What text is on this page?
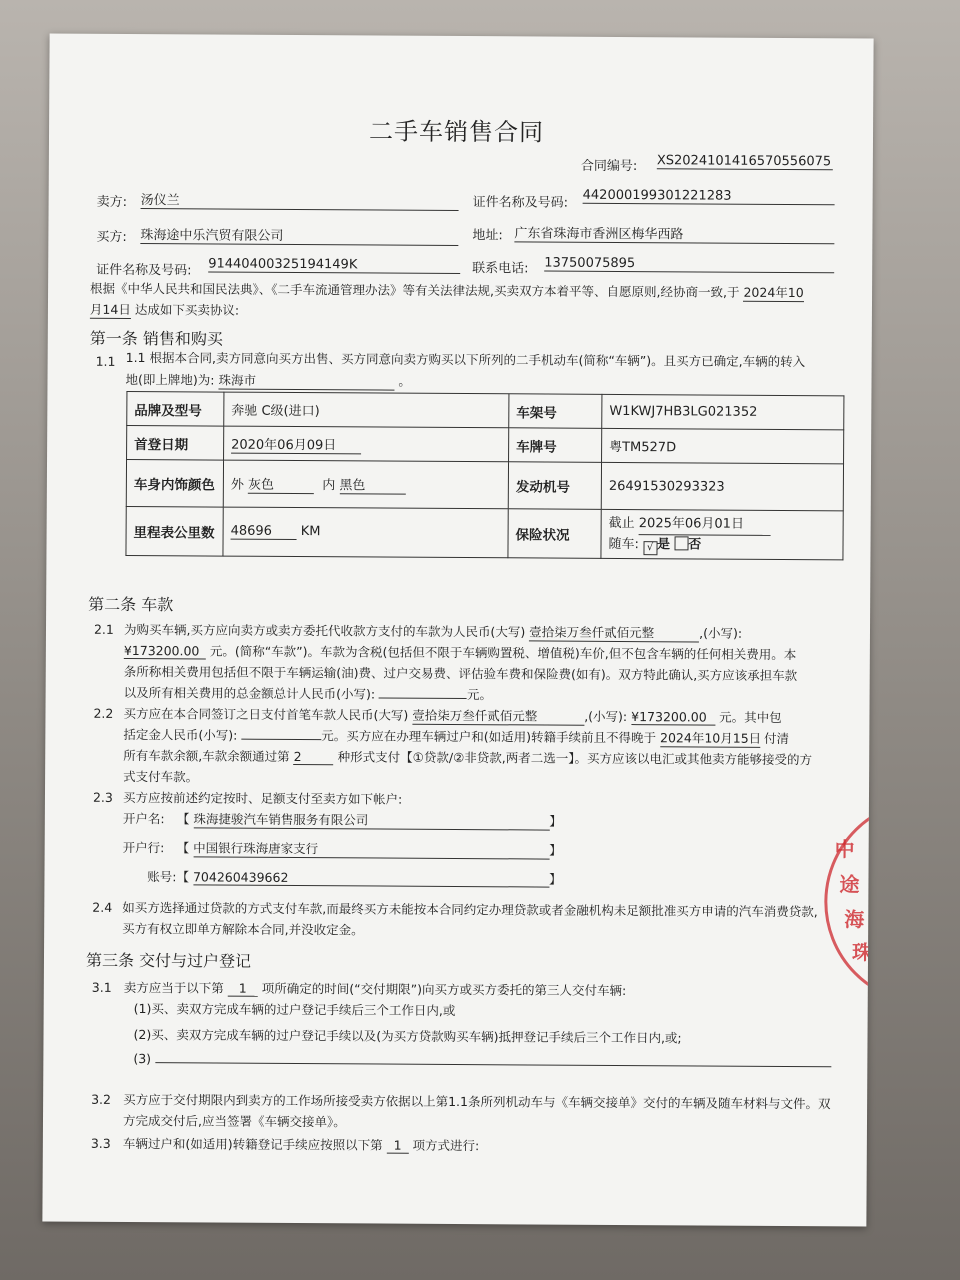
二手车销售合同
合同编号: XS2024101416570556075
卖方: 汤仪兰	证件名称及号码: 442000199301221283
买方: 珠海途中乐汽贸有限公司	地址: 广东省珠海市香洲区梅华西路
证件名称及号码: 91440400325194149K	联系电话: 13750075895
根据《中华人民共和国民法典》、《二手车流通管理办法》等有关法律法规,买卖双方本着平等、自愿原则,经协商一致,于 2024年10
月14日 达成如下买卖协议:
第一条 销售和购买
1.1 1.1 根据本合同,卖方同意向买方出售、买方同意向卖方购买以下所列的二手机动车(简称“车辆”)。且买方已确定,车辆的转入
地(即上牌地)为: 珠海市	。
品牌及型号	奔驰 C级(进口)	车架号	W1KWJ7HB3LG021352
首登日期	2020年06月09日	车牌号	粤TM527D
车身内饰颜色	外 灰色 内 黑色	发动机号	26491530293323
里程表公里数	48696 KM	保险状况	截止 2025年06月01日
随车: √ 是 否
第二条 车款
2.1 为购买车辆,买方应向卖方或卖方委托代收款方支付的车款为人民币(大写) 壹拾柒万叁仟贰佰元整	,(小写):
¥173200.00 元。(简称“车款”)。车款为含税(包括但不限于车辆购置税、增值税)车价,但不包含车辆的任何相关费用。本
条所称相关费用包括但不限于车辆运输(油)费、过户交易费、评估验车费和保险费(如有)。双方特此确认,买方应该承担车款
以及所有相关费用的总金额总计人民币(小写):	元。
2.2 买方应在本合同签订之日支付首笔车款人民币(大写) 壹拾柒万叁仟贰佰元整	,(小写): ¥173200.00 元。其中包
括定金人民币(小写):	元。买方应在办理车辆过户和(如适用)转籍手续前且不得晚于 2024年10月15日 付清
所有车款余额,车款余额通过第 2	种形式支付【①贷款/②非贷款,两者二选一】。买方应该以电汇或其他卖方能够接受的方
式支付车款。
2.3 买方应按前述约定按时、足额支付至卖方如下帐户:
开户名: 【 珠海捷骏汽车销售服务有限公司	】
开户行: 【 中国银行珠海唐家支行	】
账号:【 704260439662	】
2.4 如买方选择通过贷款的方式支付车款,而最终买方未能按本合同约定办理贷款或者金融机构未足额批准买方申请的汽车消费贷款,
买方有权立即单方解除本合同,并没收定金。
第三条 交付与过户登记
3.1 卖方应当于以下第 1 项所确定的时间(“交付期限”)向买方或买方委托的第三人交付车辆:
(1)买、卖双方完成车辆的过户登记手续后三个工作日内,或
(2)买、卖双方完成车辆的过户登记手续以及(为买方贷款购买车辆)抵押登记手续后三个工作日内,或;
(3)
3.2 买方应于交付期限内到卖方的工作场所接受卖方依据以上第1.1条所列机动车与《车辆交接单》交付的车辆及随车材料与文件。双
方完成交付后,应当签署《车辆交接单》。
3.3 车辆过户和(如适用)转籍登记手续应按照以下第 1 项方式进行:
中
途
海
珠
